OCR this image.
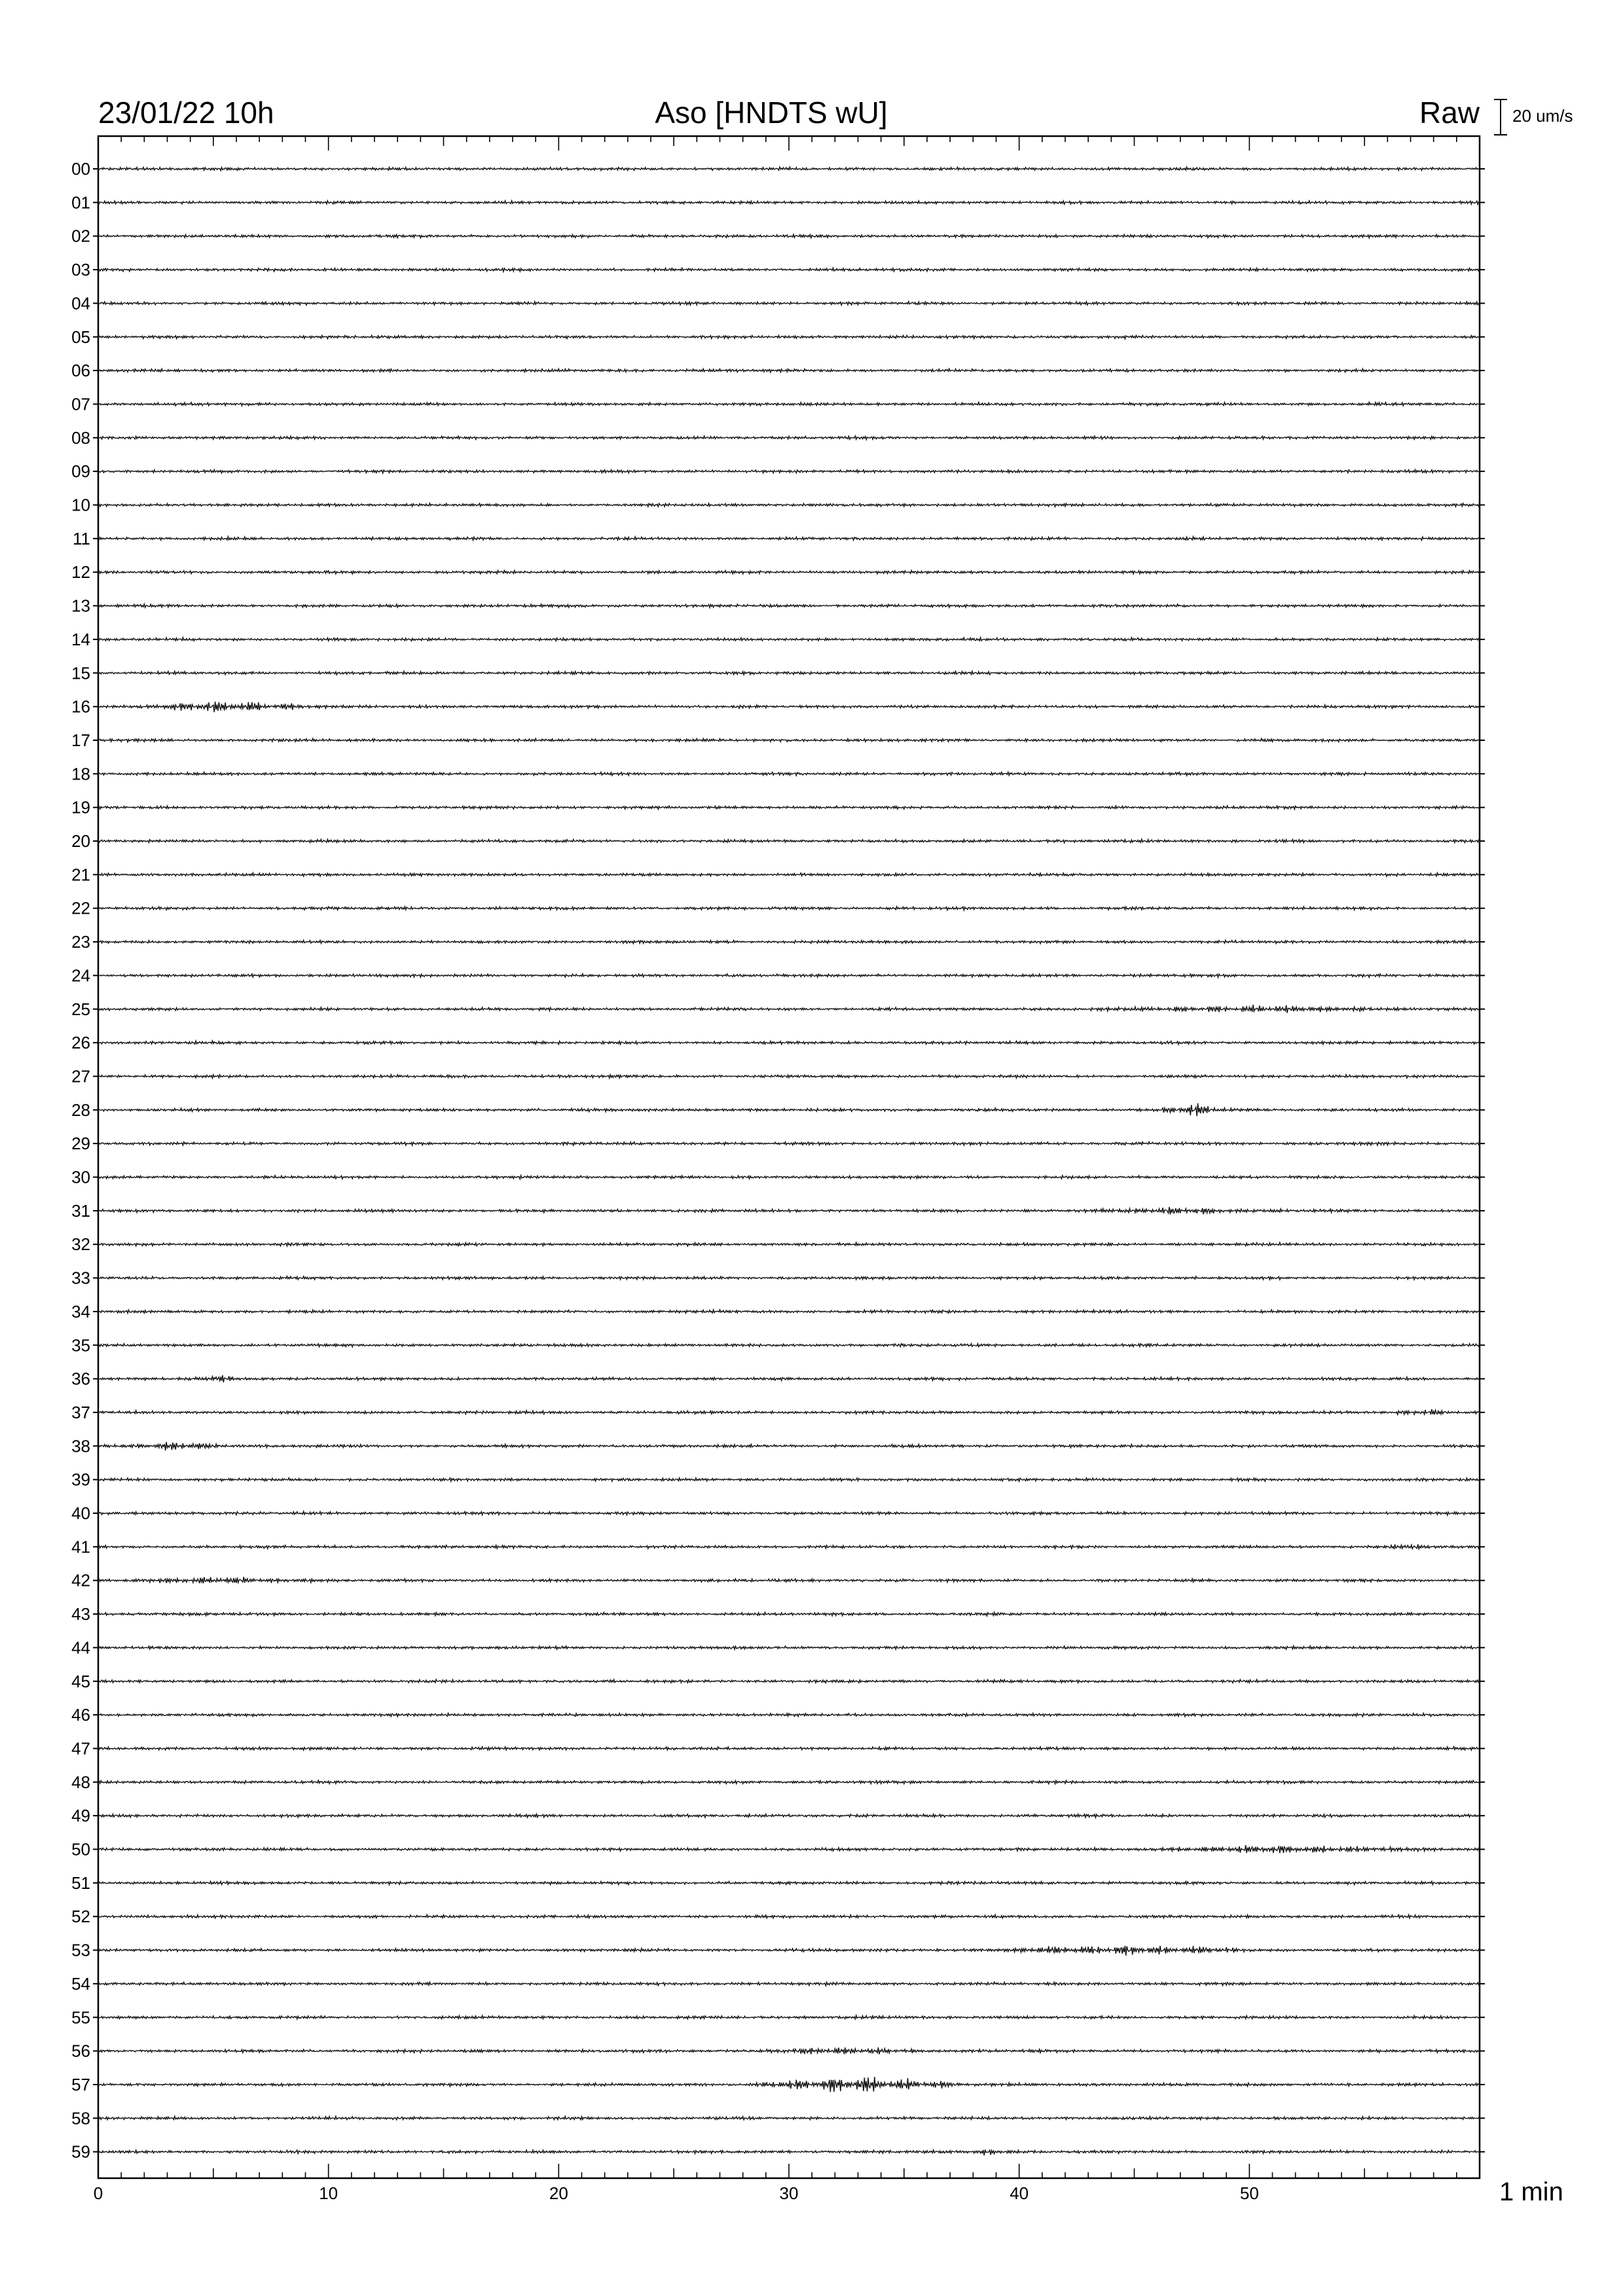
23/01/22 10h	Aso [HNDTS wU]	Raw 20 um/s
00
01
02
03
04
05
06
07
08
09
10
11
12
13
14
15
16
17
18
19
20
21
22
23
24
25
26
27
28
29
30
31
32
33
34
35
36
37
38
39
40
41
42
43
44
45
46
47
48
49
50
51
52
53
54
55
56
57
58
59
0	10	20	30	40	50	1 min
